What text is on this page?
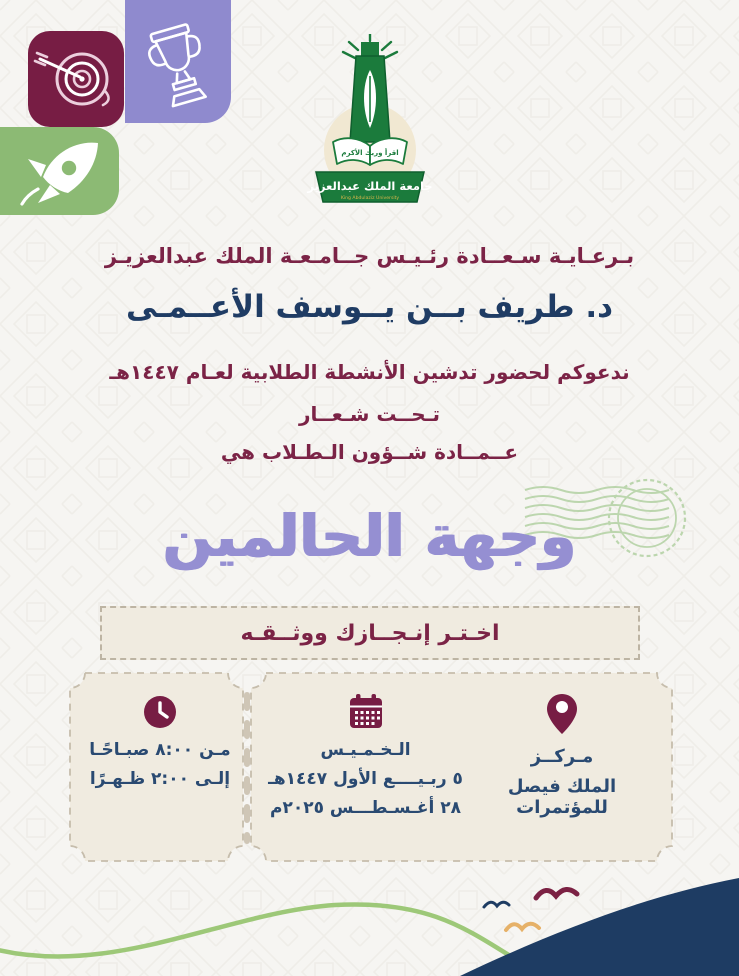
اقرأ وربك الأكرم
جامعة الملك عبدالعزيز
King Abdulaziz University
بـرعـايـة سـعــادة رئـيـس جــامـعـة الملك عبدالعزيـز
د. طريف بــن يــوسف الأعــمـى
ندعوكم لحضور تدشين الأنشطة الطلابية لعـام ١٤٤٧هـ
تـحــت شـعــار
عــمــادة شــؤون الـطـلاب هي
وجهة الحالمين
اخـتـر إنـجــازك ووثــقـه
مـركــز
الملك فيصل للمؤتمرات
الـخـمـيـس
٥ ربـيــــع الأول ١٤٤٧هـ
٢٨ أغـسـطـــس ٢٠٢٥م
مـن ٨:٠٠ صبـاحًـا
إلـى ٢:٠٠ ظـهـرًا
